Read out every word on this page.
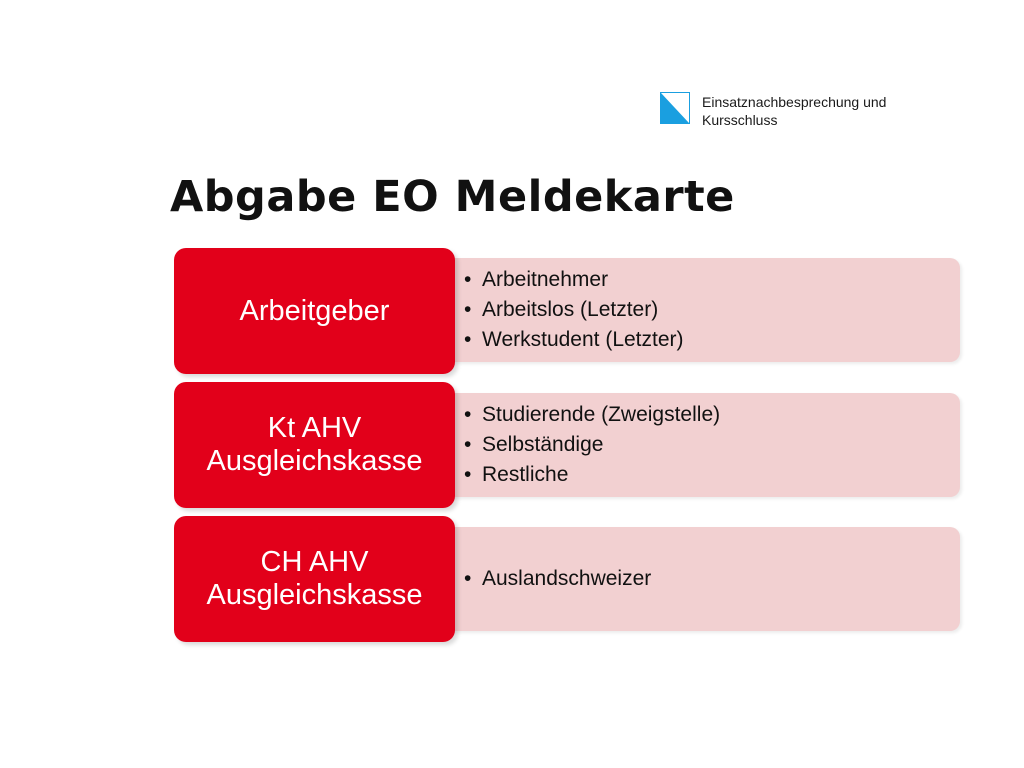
Einsatznachbesprechung und Kursschluss
Abgabe EO Meldekarte
• Arbeitnehmer
• Arbeitslos (Letzter)
• Werkstudent (Letzter)
Arbeitgeber
• Studierende (Zweigstelle)
• Selbständige
• Restliche
Kt AHV Ausgleichskasse
• Auslandschweizer
CH AHV Ausgleichskasse
